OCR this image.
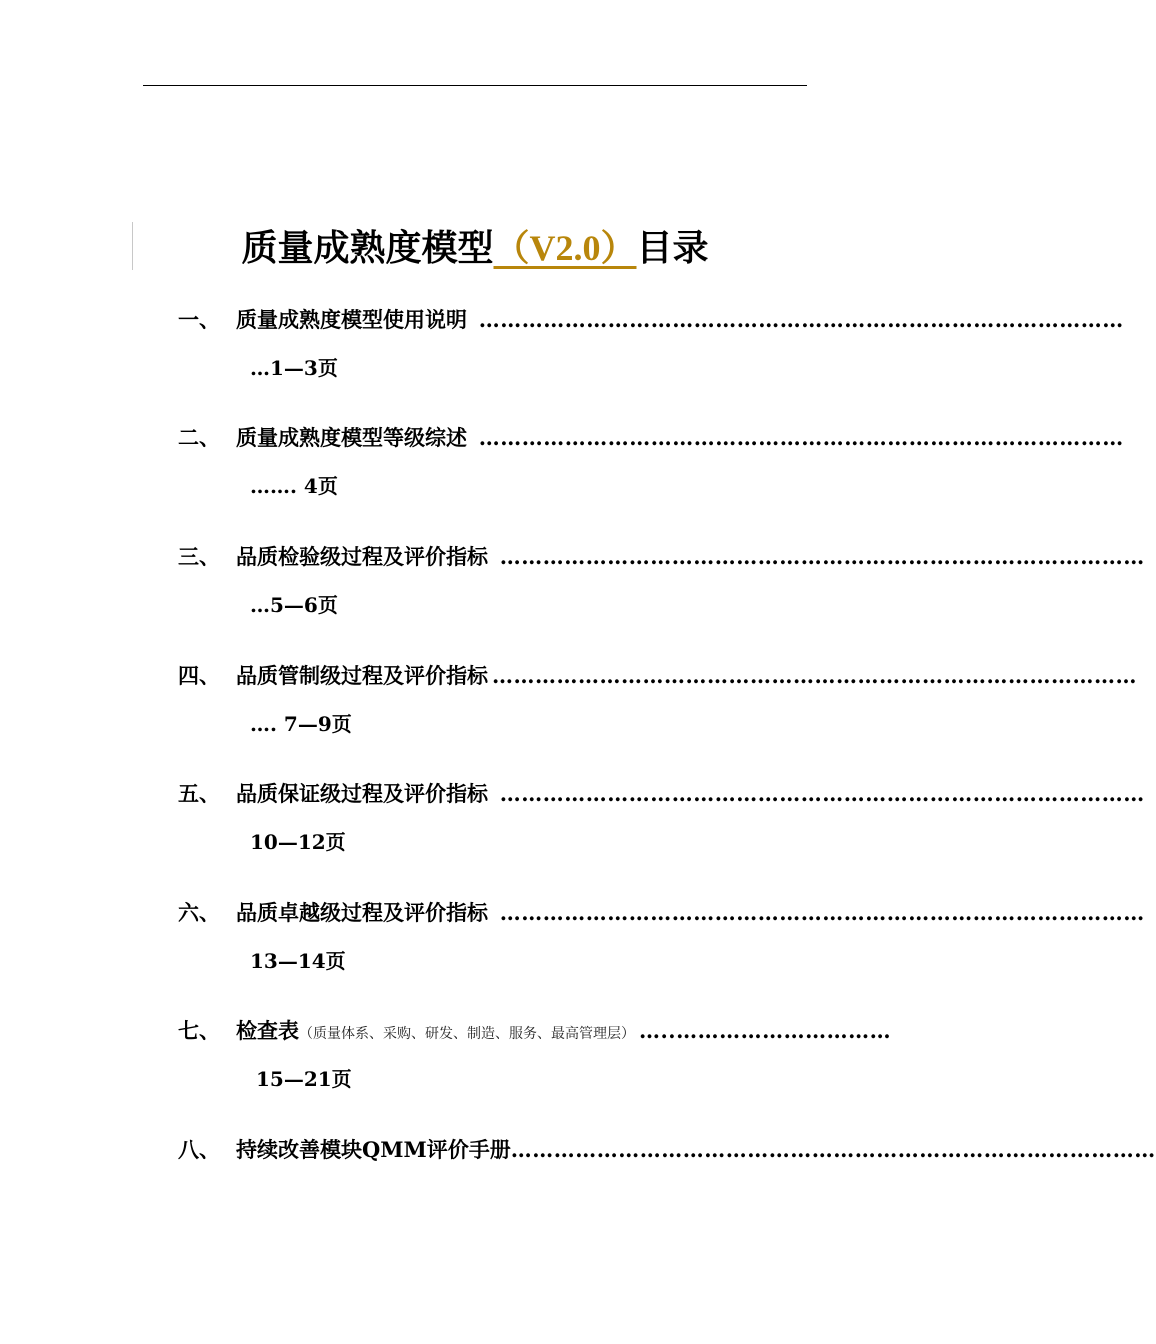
质量成熟度模型（V2.0）目录
一、 质量成熟度模型使用说明 ………………………………………………………………………………
…1—3页
二、 质量成熟度模型等级综述 ………………………………………………………………………………
……. 4页
三、 品质检验级过程及评价指标 ………………………………………………………………………………
…5—6页
四、 品质管制级过程及评价指标 ………………………………………………………………………………
…. 7—9页
五、 品质保证级过程及评价指标 ………………………………………………………………………………
10—12页
六、 品质卓越级过程及评价指标 ………………………………………………………………………………
13—14页
七、 检查表 （质量体系、采购、研发、制造、服务、最高管理层） …..…………………………
15—21页
八、 持续改善模块QMM评价手册 ………………………………………………………………………………
